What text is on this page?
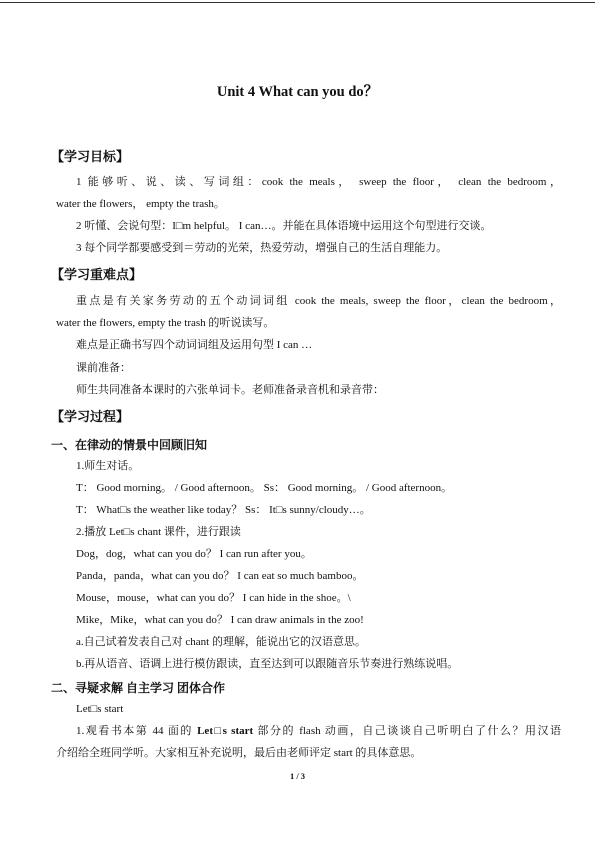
Unit 4 What can you do？
【学习目标】
1 能够听、说、读、写词组：cook the meals， sweep the floor， clean the bedroom，
water the flowers， empty the trash。
2 听懂、会说句型：I□m helpful。 I can…。并能在具体语境中运用这个句型进行交谈。
3 每个同学都要感受到＝劳动的光荣，热爱劳动，增强自己的生活自理能力。
【学习重难点】
重点是有关家务劳动的五个动词词组 cook the meals, sweep the floor，clean the bedroom，
water the flowers, empty the trash 的听说读写。
难点是正确书写四个动词词组及运用句型 I can …
课前准备：
师生共同准备本课时的六张单词卡。老师准备录音机和录音带：
【学习过程】
一、在律动的情景中回顾旧知
1.师生对话。
T： Good morning。 / Good afternoon。 Ss： Good morning。 / Good afternoon。
T： What□s the weather like today？ Ss： It□s sunny/cloudy…。
2.播放 Let□s chant 课件，进行跟读
Dog，dog，what can you do？ I can run after you。
Panda，panda，what can you do？ I can eat so much bamboo。
Mouse，mouse，what can you do？ I can hide in the shoe。\
Mike，Mike，what can you do？ I can draw animals in the zoo!
a.自己试着发表自己对 chant 的理解，能说出它的汉语意思。
b.再从语音、语调上进行模仿跟读，直至达到可以跟随音乐节奏进行熟练说唱。
二、寻疑求解 自主学习 团体合作
Let□s start
1.观看书本第 44 面的 Let□s start 部分的 flash 动画，自己谈谈自己听明白了什么？用汉语
介绍给全班同学听。大家相互补充说明，最后由老师评定 start 的具体意思。
1 / 3
